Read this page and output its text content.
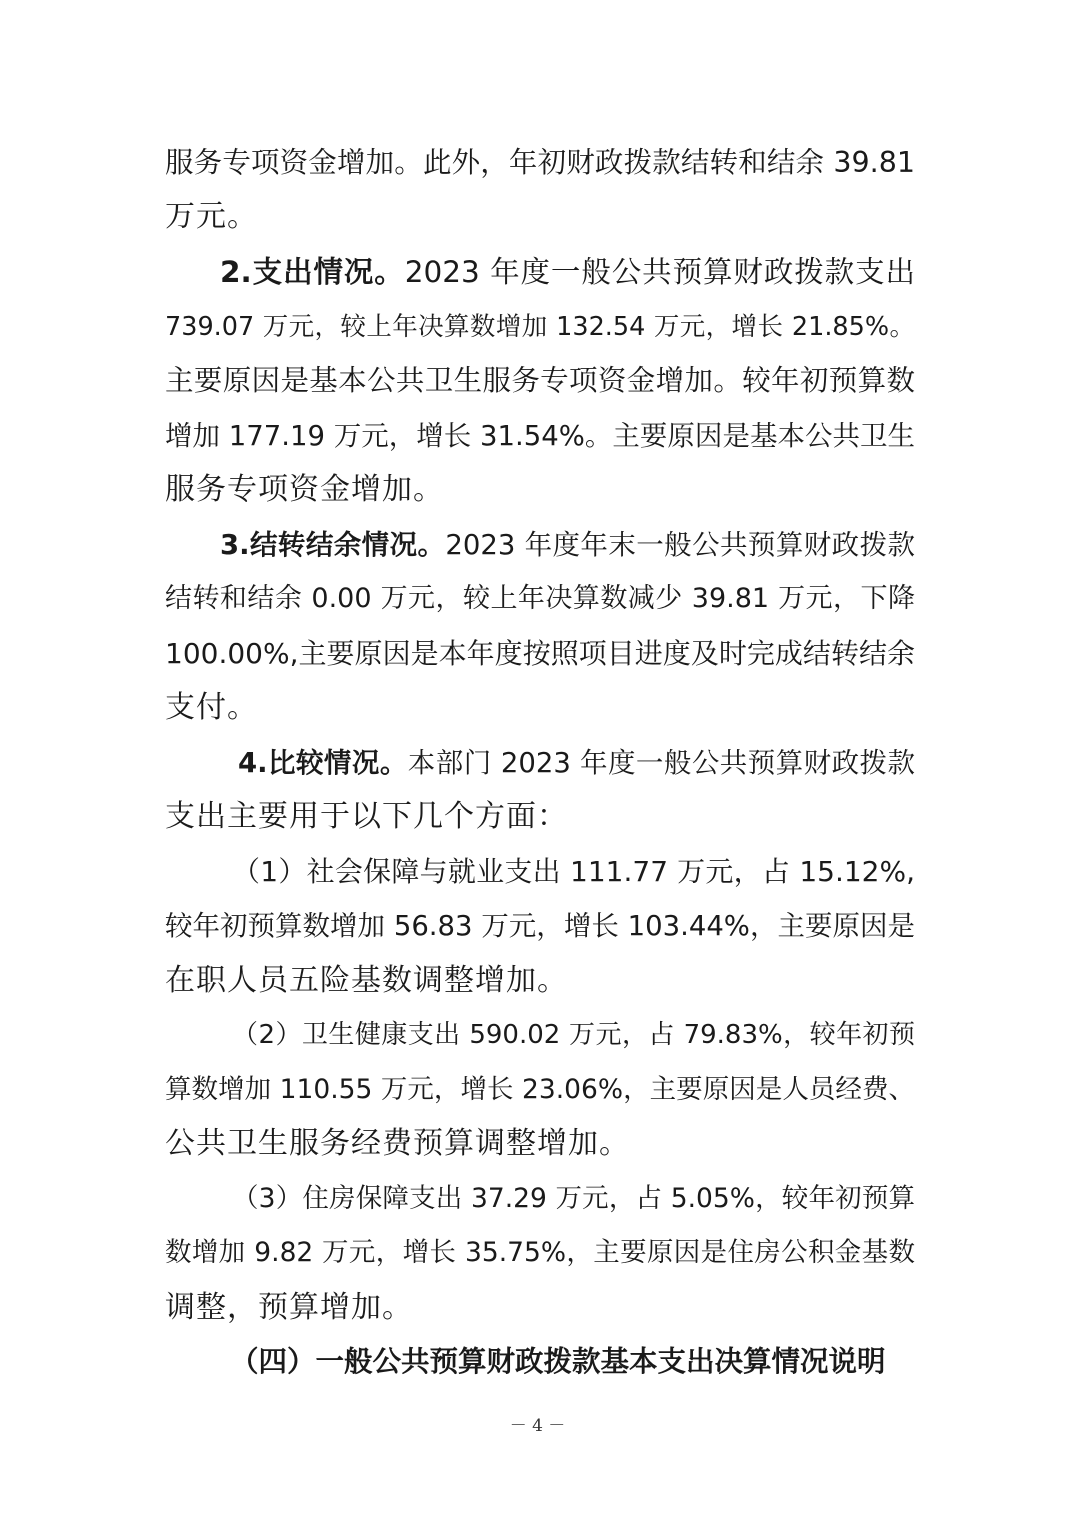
服务专项资金增加。此外，年初财政拨款结转和结余 39.81
万元。
2.支出情况。2023 年度一般公共预算财政拨款支出
739.07 万元，较上年决算数增加 132.54 万元，增长 21.85%。
主要原因是基本公共卫生服务专项资金增加。较年初预算数
增加 177.19 万元，增长 31.54%。主要原因是基本公共卫生
服务专项资金增加。
3.结转结余情况。2023 年度年末一般公共预算财政拨款
结转和结余 0.00 万元，较上年决算数减少 39.81 万元，下降
100.00%,主要原因是本年度按照项目进度及时完成结转结余
支付。
4.比较情况。本部门 2023 年度一般公共预算财政拨款
支出主要用于以下几个方面：
（1）社会保障与就业支出 111.77 万元，占 15.12%,
较年初预算数增加 56.83 万元，增长 103.44%，主要原因是
在职人员五险基数调整增加。
（2）卫生健康支出 590.02 万元，占 79.83%，较年初预
算数增加 110.55 万元，增长 23.06%，主要原因是人员经费、
公共卫生服务经费预算调整增加。
（3）住房保障支出 37.29 万元，占 5.05%，较年初预算
数增加 9.82 万元，增长 35.75%，主要原因是住房公积金基数
调整，预算增加。
（四）一般公共预算财政拨款基本支出决算情况说明
－ 4 －
